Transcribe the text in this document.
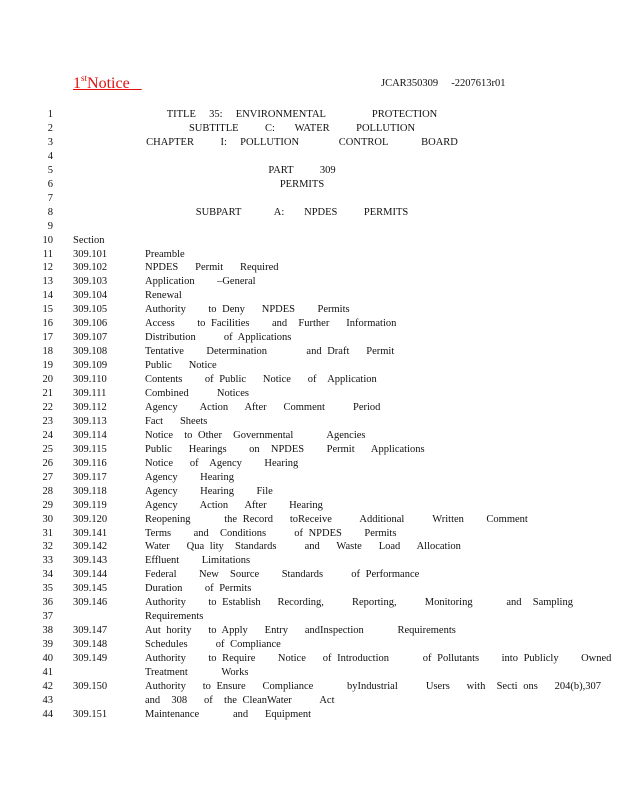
1stNotice	JCAR350309     -2207613r01
1	TITLE  35:  ENVIRONMENTAL       PROTECTION
2	SUBTITLE    C:   WATER    POLLUTION
3	CHAPTER    I:  POLLUTION      CONTROL     BOARD
4
5	PART    309
6	PERMITS
7
8	SUBPART     A:   NPDES    PERMITS
9
10 Section
11 309.101	Preamble
12 309.102	NPDES   Permit   Required
13 309.103	Application    –General
14 309.104	Renewal
15 309.105	Authority    to Deny   NPDES    Permits
16 309.106	Access    to Facilities    and  Further   Information
17 309.107	Distribution     of Applications
18 309.108	Tentative    Determination       and Draft   Permit
19 309.109	Public   Notice
20 309.110	Contents    of Public   Notice   of  Application
21 309.111	Combined     Notices
22 309.112	Agency    Action   After   Comment     Period
23 309.113	Fact   Sheets
24 309.114	Notice  to Other  Governmental      Agencies
25 309.115	Public   Hearings    on  NPDES    Permit   Applications
26 309.116	Notice   of  Agency    Hearing
27 309.117	Agency    Hearing
28 309.118	Agency    Hearing    File
29 309.119	Agency    Action   After    Hearing
30 309.120	Reopening      the Record   toReceive     Additional     Written    Comment
31 309.141	Terms    and  Conditions     of NPDES    Permits
32 309.142	Water   Qua lity  Standards     and   Waste   Load   Allocation
33 309.143	Effluent    Limitations
34 309.144	Federal    New  Source    Standards     of Performance
35 309.145	Duration    of Permits
36 309.146	Authority    to Establish   Recording,     Reporting,     Monitoring      and  Sampling
37	Requirements
38 309.147	Aut hority   to Apply   Entry   andInspection      Requirements
39 309.148	Schedules     of Compliance
40 309.149	Authority    to Require    Notice   of Introduction      of Pollutants    into Publicly    Owned
41	Treatment      Works
42 309.150	Authority   to Ensure   Compliance      byIndustrial     Users   with  Secti ons   204(b),307
43	and  308   of  the CleanWater     Act
44 309.151	Maintenance      and   Equipment
